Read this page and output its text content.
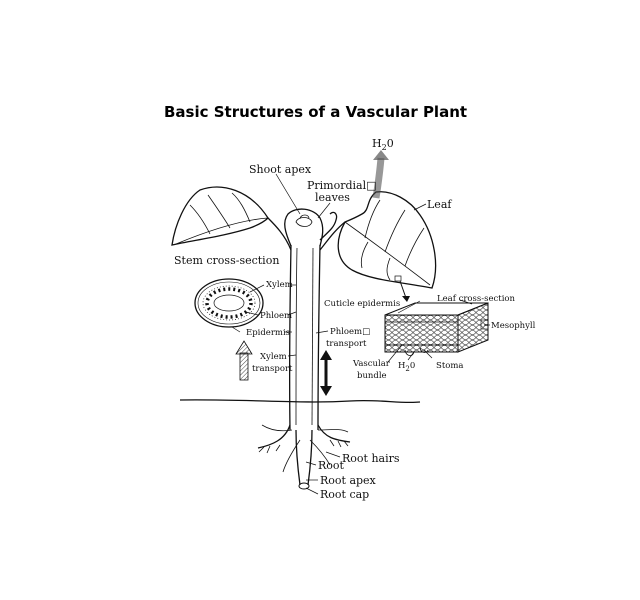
Basic Structures of a Vascular Plant
$H_20$
Shoot apex
Primordial□
leaves
Leaf
Stem cross-section
Xylem
Phloem
Epidermis
Xylem
transport
Cuticle epidermis
Phloem□
transport
Leaf cross-section
Mesophyll
Vascular
bundle
$H_20$ Stoma
Root hairs
Root
Root apex
Root cap
